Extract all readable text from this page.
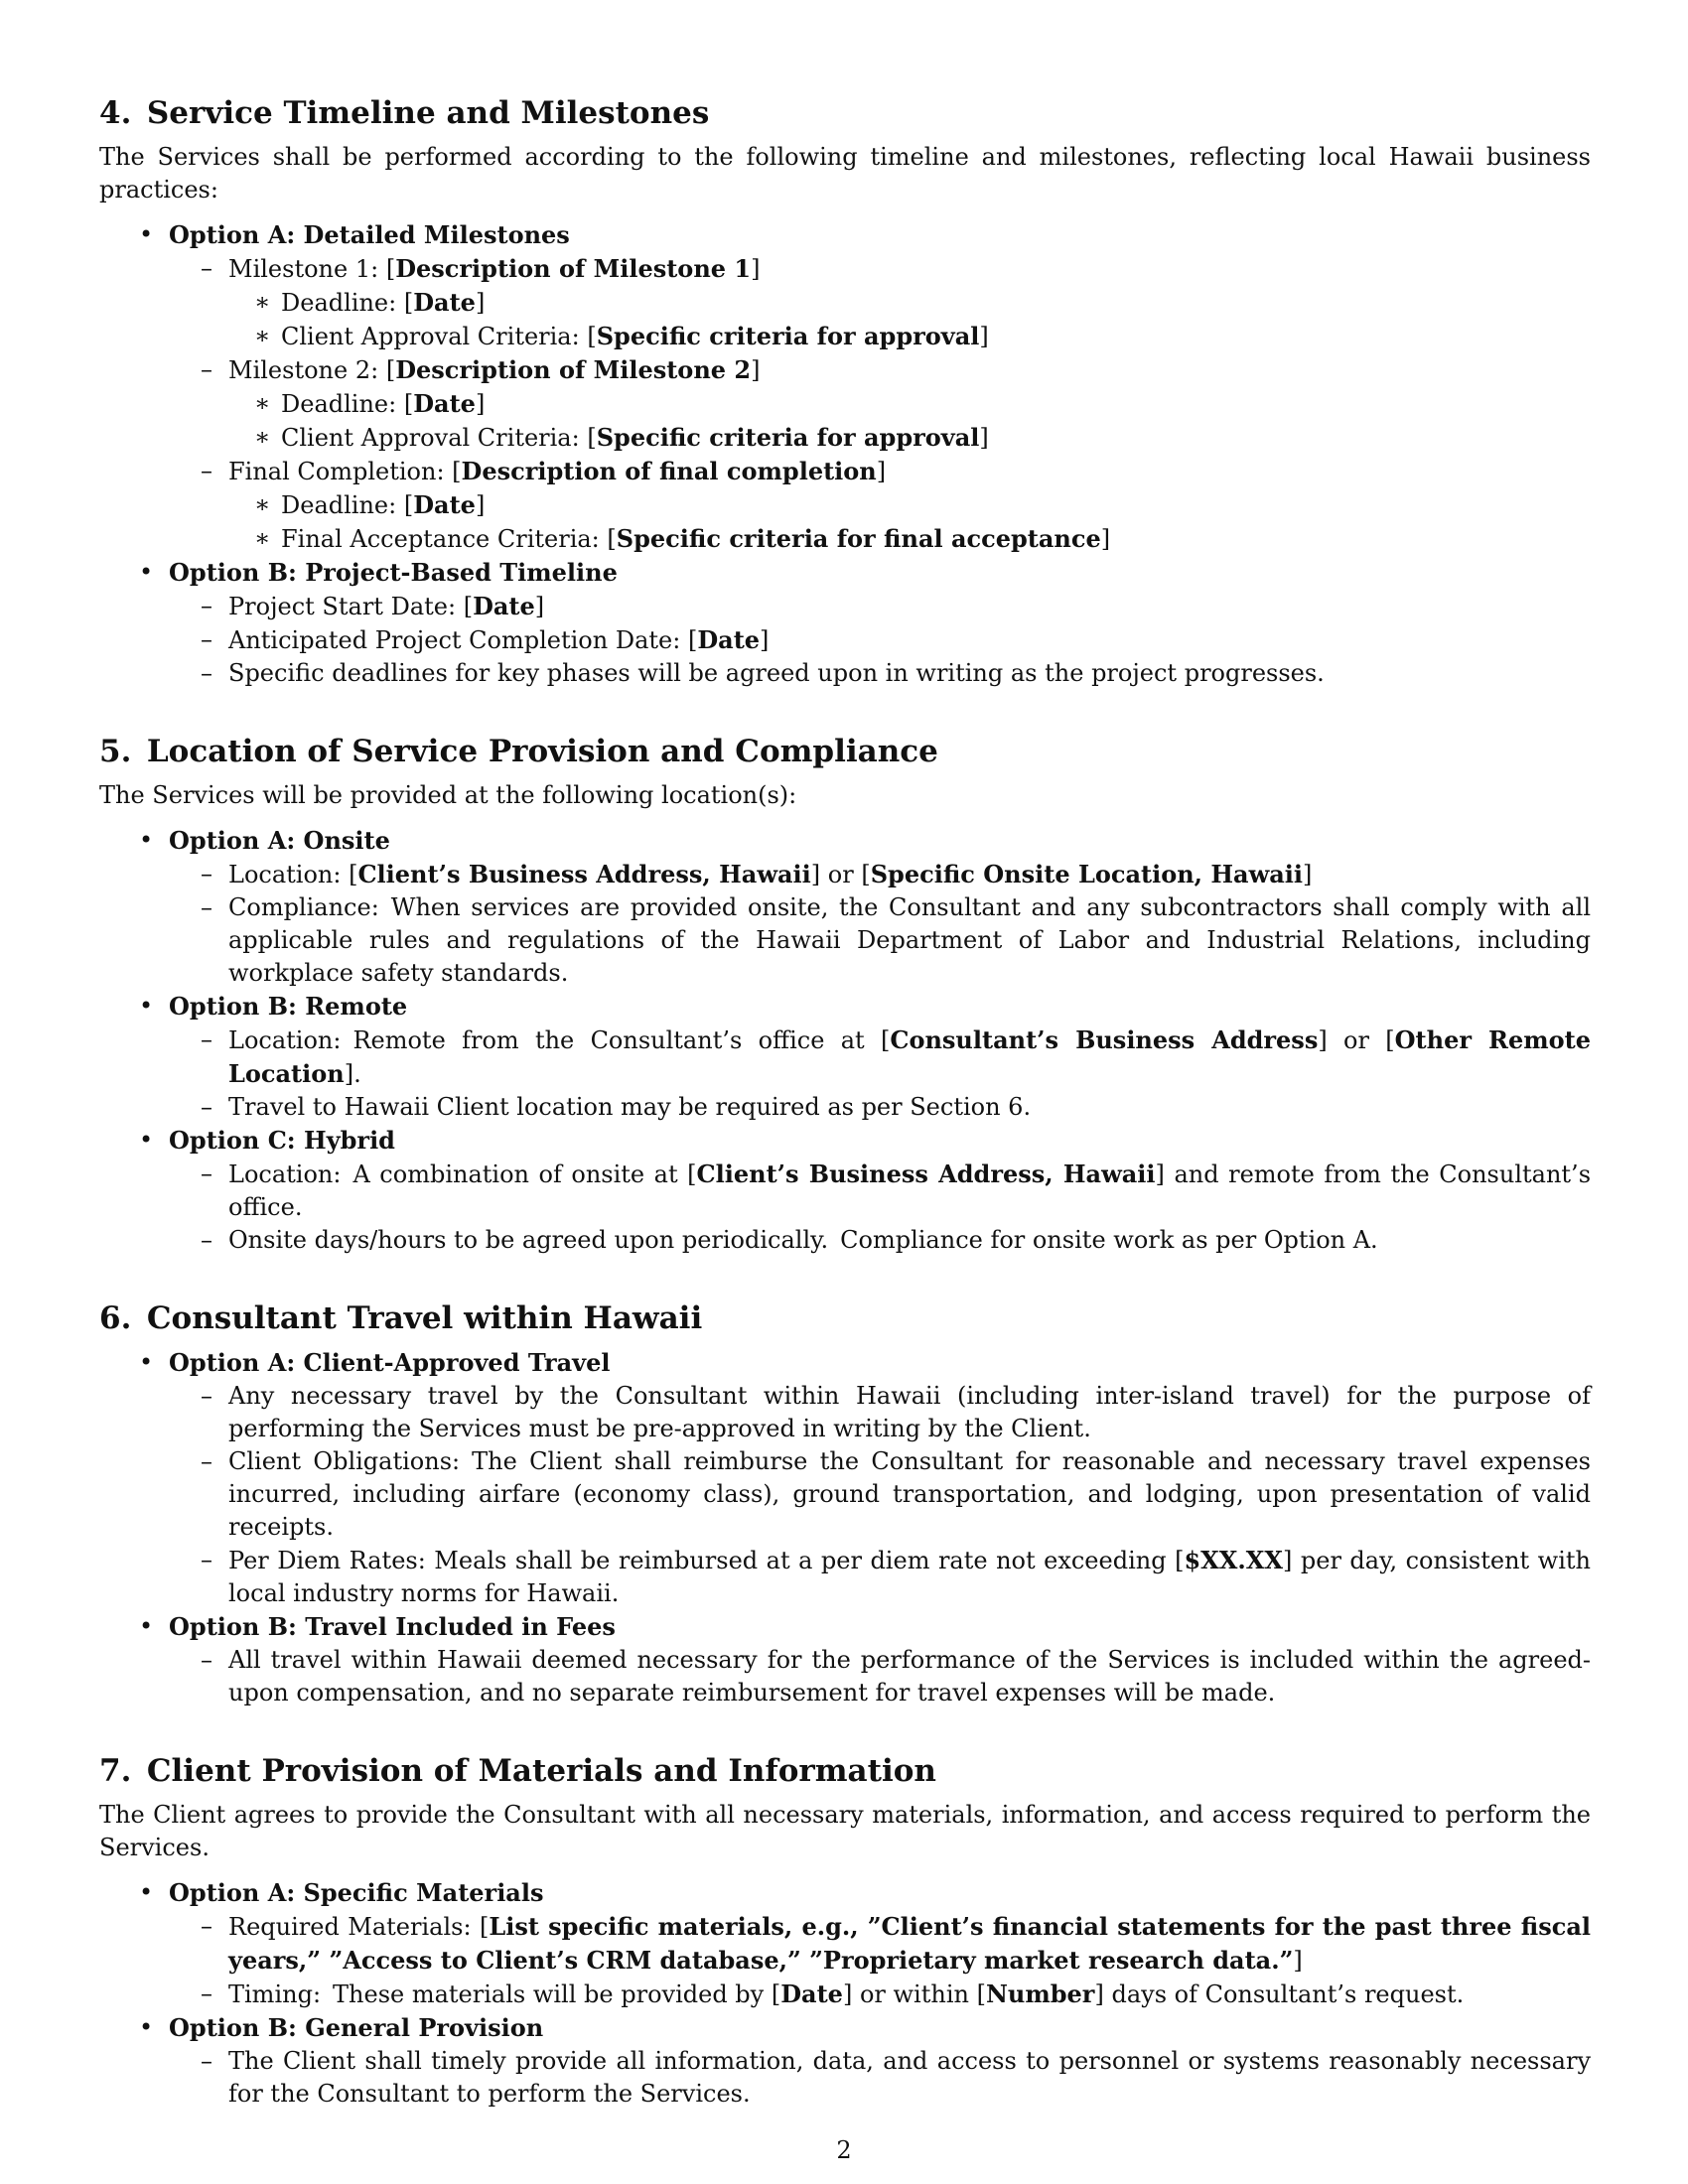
4. Service Timeline and Milestones

The Services shall be performed according to the following timeline and milestones, reflecting local Hawaii business practices:

• Option A: Detailed Milestones
– Milestone 1: [Description of Milestone 1]
∗ Deadline: [Date]
∗ Client Approval Criteria: [Specific criteria for approval]
– Milestone 2: [Description of Milestone 2]
∗ Deadline: [Date]
∗ Client Approval Criteria: [Specific criteria for approval]
– Final Completion: [Description of final completion]
∗ Deadline: [Date]
∗ Final Acceptance Criteria: [Specific criteria for final acceptance]
• Option B: Project-Based Timeline
– Project Start Date: [Date]
– Anticipated Project Completion Date: [Date]
– Specific deadlines for key phases will be agreed upon in writing as the project progresses.
5. Location of Service Provision and Compliance

The Services will be provided at the following location(s):

• Option A: Onsite
– Location: [Client’s Business Address, Hawaii] or [Specific Onsite Location, Hawaii]
– Compliance: When services are provided onsite, the Consultant and any subcontractors shall comply with all applicable rules and regulations of the Hawaii Department of Labor and Industrial Relations, including workplace safety standards.
• Option B: Remote
– Location: Remote from the Consultant’s office at [Consultant’s Business Address] or [Other Remote Location].
– Travel to Hawaii Client location may be required as per Section 6.
• Option C: Hybrid
– Location: A combination of onsite at [Client’s Business Address, Hawaii] and remote from the Consultant’s office.
– Onsite days/hours to be agreed upon periodically. Compliance for onsite work as per Option A.
6. Consultant Travel within Hawaii
• Option A: Client-Approved Travel
– Any necessary travel by the Consultant within Hawaii (including inter-island travel) for the purpose of performing the Services must be pre-approved in writing by the Client.
– Client Obligations: The Client shall reimburse the Consultant for reasonable and necessary travel expenses incurred, including airfare (economy class), ground transportation, and lodging, upon presentation of valid receipts.
– Per Diem Rates: Meals shall be reimbursed at a per diem rate not exceeding [$XX.XX] per day, consistent with local industry norms for Hawaii.
• Option B: Travel Included in Fees
– All travel within Hawaii deemed necessary for the performance of the Services is included within the agreed-upon compensation, and no separate reimbursement for travel expenses will be made.
7. Client Provision of Materials and Information

The Client agrees to provide the Consultant with all necessary materials, information, and access required to perform the Services.

• Option A: Specific Materials
– Required Materials: [List specific materials, e.g., ”Client’s financial statements for the past three fiscal years,” ”Access to Client’s CRM database,” ”Proprietary market research data.”]
– Timing: These materials will be provided by [Date] or within [Number] days of Consultant’s request.
• Option B: General Provision
– The Client shall timely provide all information, data, and access to personnel or systems reasonably necessary for the Consultant to perform the Services.
2
